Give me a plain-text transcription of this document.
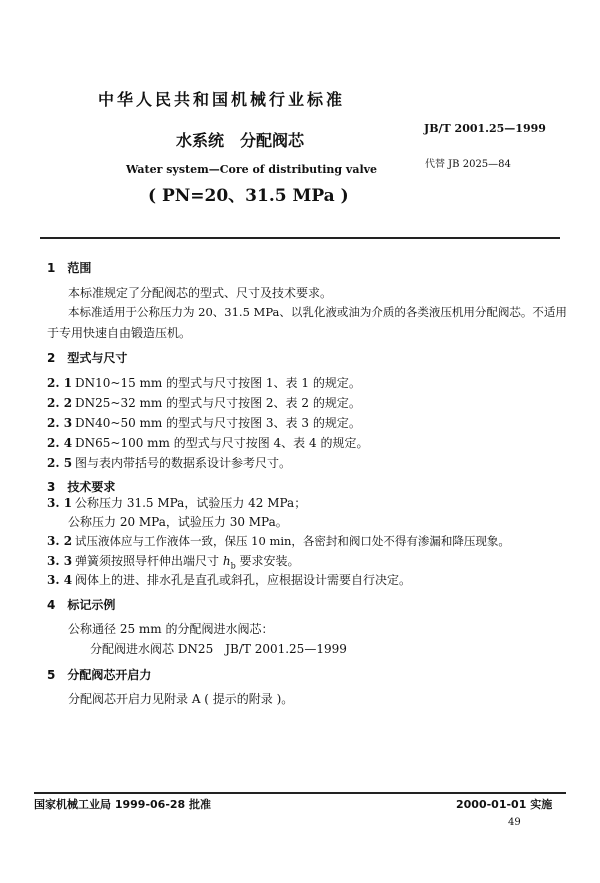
中华人民共和国机械行业标准
水系统　分配阀芯
Water system—Core of distributing valve
( PN=20、31.5 MPa )
JB/T 2001.25—1999
代替 JB 2025—84
1　范围
本标准规定了分配阀芯的型式、尺寸及技术要求。
本标准适用于公称压力为 20、31.5 MPa、以乳化液或油为介质的各类液压机用分配阀芯。不适用
于专用快速自由锻造压机。
2　型式与尺寸
2. 1 DN10~15 mm 的型式与尺寸按图 1、表 1 的规定。
2. 2 DN25~32 mm 的型式与尺寸按图 2、表 2 的规定。
2. 3 DN40~50 mm 的型式与尺寸按图 3、表 3 的规定。
2. 4 DN65~100 mm 的型式与尺寸按图 4、表 4 的规定。
2. 5 图与表内带括号的数据系设计参考尺寸。
3　技术要求
3. 1 公称压力 31.5 MPa，试验压力 42 MPa；
公称压力 20 MPa，试验压力 30 MPa。
3. 2 试压液体应与工作液体一致，保压 10 min，各密封和阀口处不得有渗漏和降压现象。
3. 3 弹簧须按照导杆伸出端尺寸 $h_b$ 要求安装。
3. 4 阀体上的进、排水孔是直孔或斜孔，应根据设计需要自行决定。
4　标记示例
公称通径 25 mm 的分配阀进水阀芯：
分配阀进水阀芯 DN25　JB/T 2001.25—1999
5　分配阀芯开启力
分配阀芯开启力见附录 A ( 提示的附录 )。
国家机械工业局 1999-06-28 批准	2000-01-01 实施
49
